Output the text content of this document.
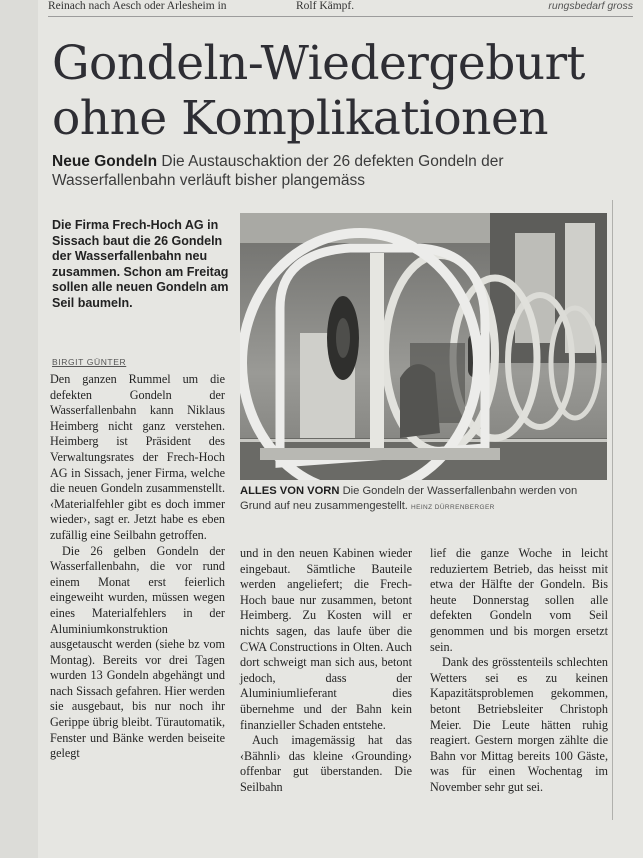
Reinach nach Aesch oder Arlesheim in	Rolf Kämpf.	rungsbedarf gross
Gondeln-Wiedergeburt
ohne Komplikationen
Neue Gondeln Die Austauschaktion der 26 defekten Gondeln der Wasserfallenbahn verläuft bisher plangemäss
Die Firma Frech-Hoch AG in Sissach baut die 26 Gondeln der Wasserfallenbahn neu zusammen. Schon am Freitag sollen alle neuen Gondeln am Seil baumeln.
BIRGIT GÜNTER

Den ganzen Rummel um die defekten Gondeln der Wasserfallenbahn kann Niklaus Heimberg nicht ganz verstehen. Heimberg ist Präsident des Verwaltungsrates der Frech-Hoch AG in Sissach, jener Firma, welche die neuen Gondeln zusammenstellt. ‹Materialfehler gibt es doch immer wieder›, sagt er. Jetzt habe es eben zufällig eine Seilbahn getroffen.

Die 26 gelben Gondeln der Wasserfallenbahn, die vor rund einem Monat erst feierlich eingeweiht wurden, müssen wegen eines Materialfehlers in der Aluminiumkonstruktion ausgetauscht werden (siehe bz vom Montag). Bereits vor drei Tagen wurden 13 Gondeln abgehängt und nach Sissach gefahren. Hier werden sie ausgebaut, bis nur noch ihr Gerippe übrig bleibt. Türautomatik, Fenster und Bänke werden beiseite gelegt

ALLES VON VORN Die Gondeln der Wasserfallenbahn werden von Grund auf neu zusammengestellt. HEINZ DÜRRENBERGER

und in den neuen Kabinen wieder eingebaut. Sämtliche Bauteile werden angeliefert; die Frech-Hoch baue nur zusammen, betont Heimberg. Zu Kosten will er nichts sagen, das laufe über die CWA Constructions in Olten. Auch dort schweigt man sich aus, betont jedoch, dass der Aluminiumlieferant dies übernehme und der Bahn kein finanzieller Schaden entstehe.

Auch imagemässig hat das ‹Bähnli› das kleine ‹Grounding› offenbar gut überstanden. Die Seilbahn

lief die ganze Woche in leicht reduziertem Betrieb, das heisst mit etwa der Hälfte der Gondeln. Bis heute Donnerstag sollen alle defekten Gondeln vom Seil genommen und bis morgen ersetzt sein.

Dank des grösstenteils schlechten Wetters sei es zu keinen Kapazitätsproblemen gekommen, betont Betriebsleiter Christoph Meier. Die Leute hätten ruhig reagiert. Gestern morgen zählte die Bahn vor Mittag bereits 100 Gäste, was für einen Wochentag im November sehr gut sei.
